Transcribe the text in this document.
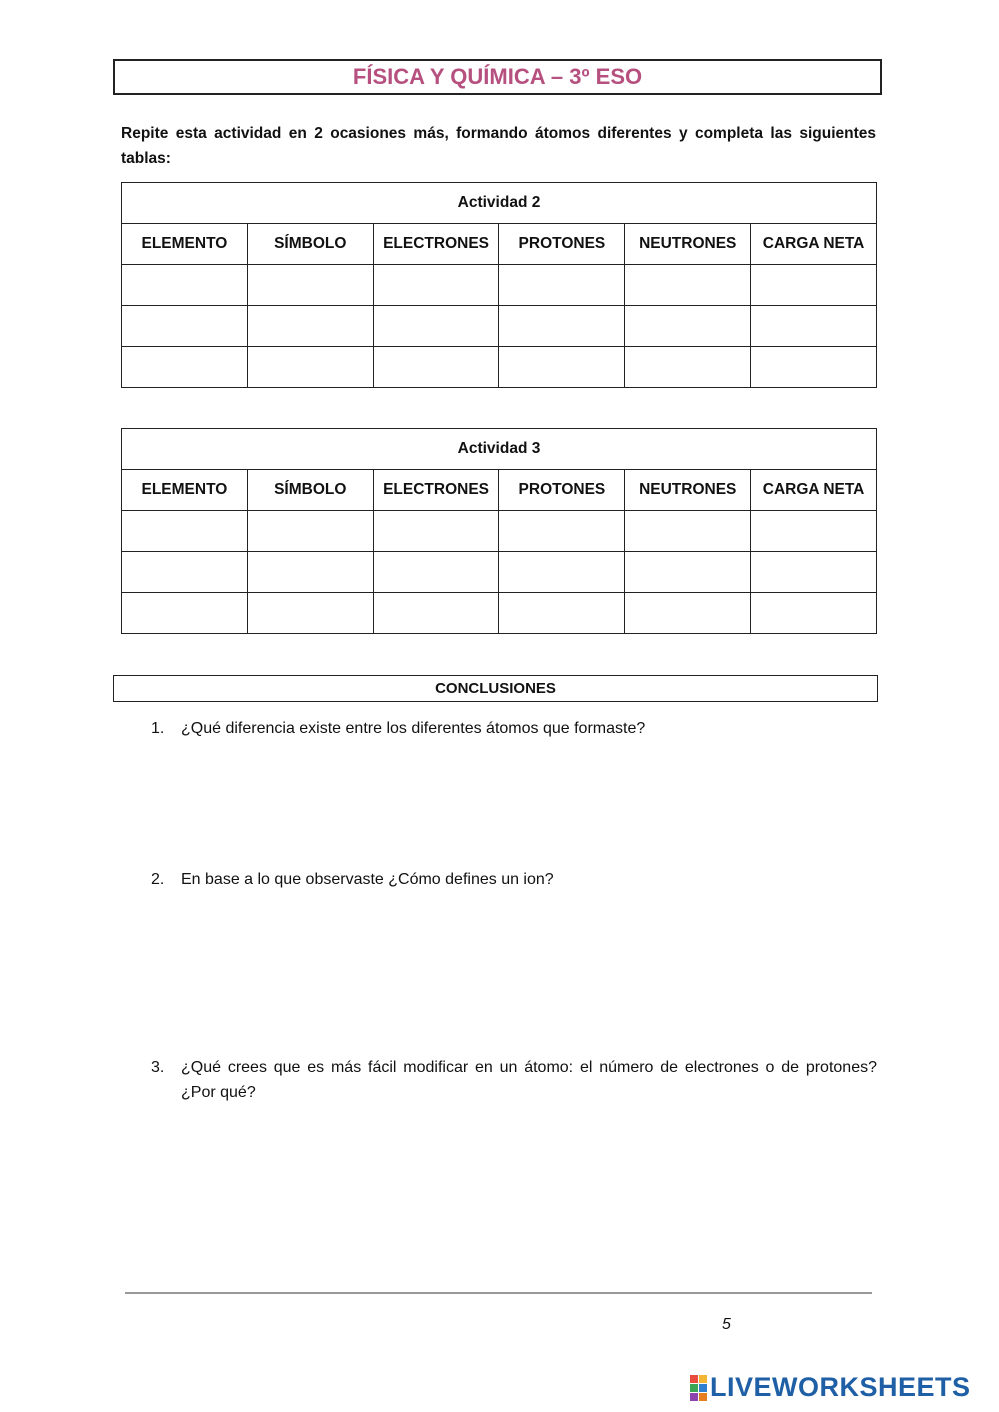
FÍSICA Y QUÍMICA – 3º ESO
Repite esta actividad en 2 ocasiones más, formando átomos diferentes y completa las siguientes tablas:
Actividad 2					
ELEMENTO	SÍMBOLO	ELECTRONES	PROTONES	NEUTRONES	CARGA NETA

Actividad 3					
ELEMENTO	SÍMBOLO	ELECTRONES	PROTONES	NEUTRONES	CARGA NETA

CONCLUSIONES
1.	¿Qué diferencia existe entre los diferentes átomos que formaste?
2.	En base a lo que observaste ¿Cómo defines un ion?
3.	¿Qué crees que es más fácil modificar en un átomo: el número de electrones o de protones? ¿Por qué?
5
LIVEWORKSHEETS
